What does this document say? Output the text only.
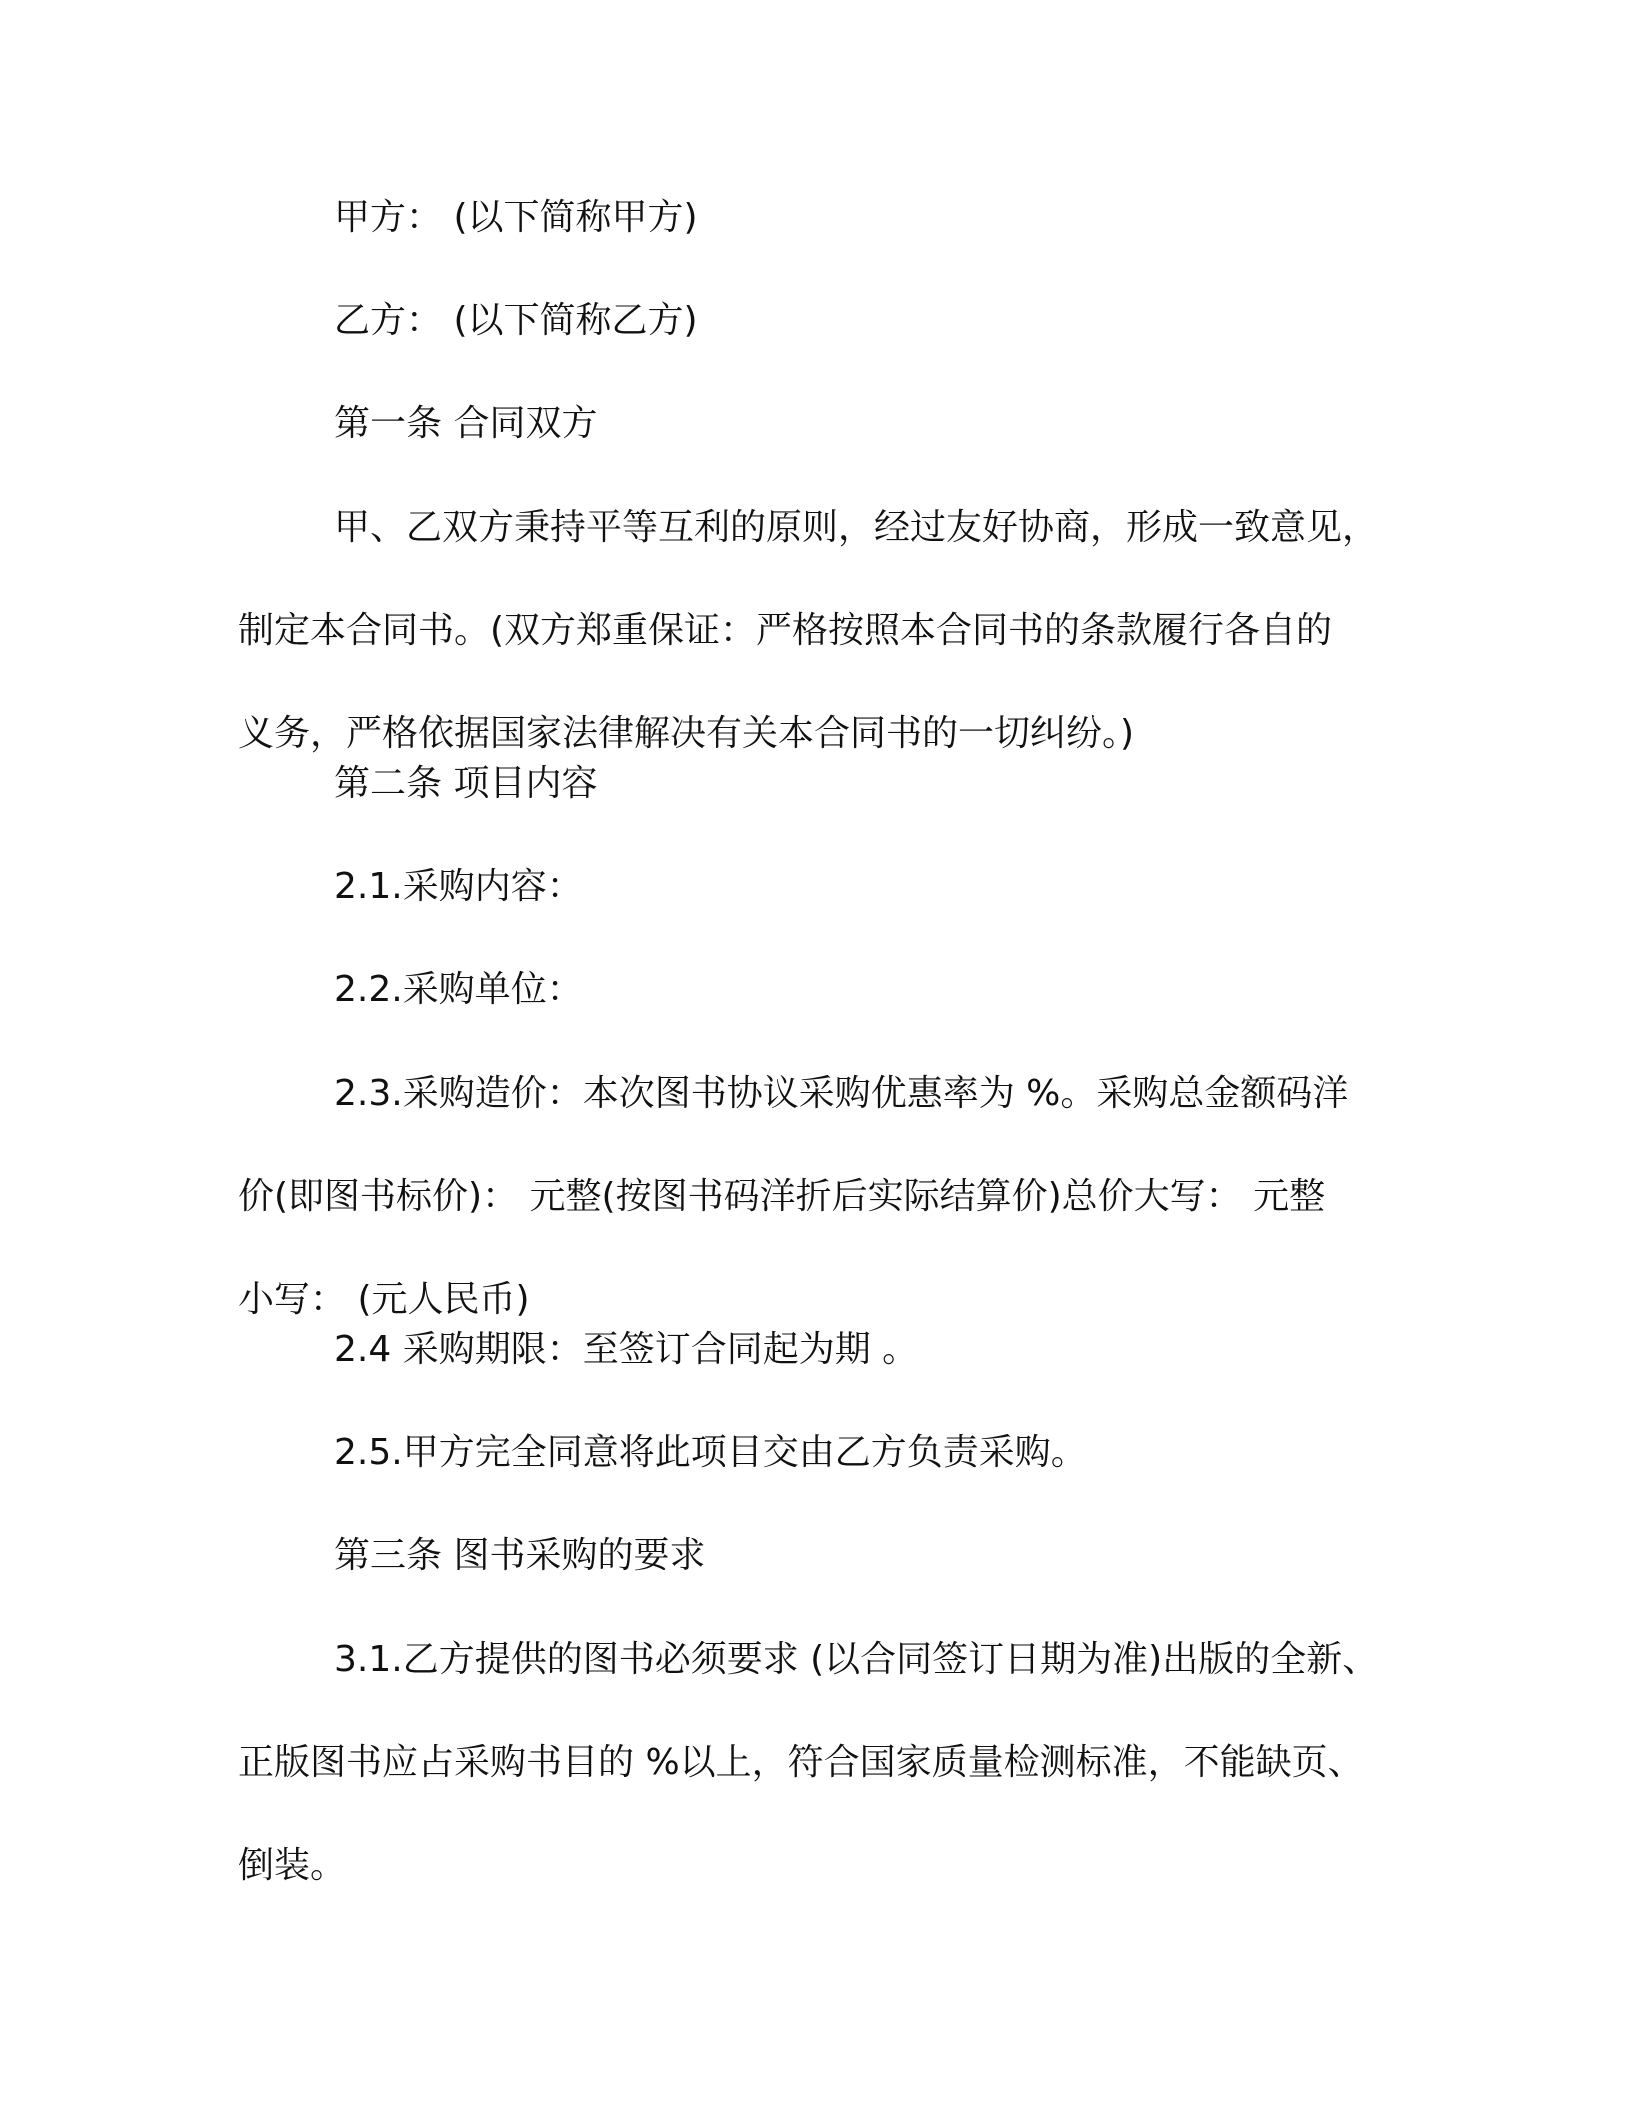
甲方： (以下简称甲方)

乙方： (以下简称乙方)

第一条 合同双方

甲、乙双方秉持平等互利的原则，经过友好协商，形成一致意见，
制定本合同书。(双方郑重保证：严格按照本合同书的条款履行各自的
义务，严格依据国家法律解决有关本合同书的一切纠纷。)

第二条 项目内容

2.1.采购内容：

2.2.采购单位：

2.3.采购造价：本次图书协议采购优惠率为 %。采购总金额码洋
价(即图书标价)： 元整(按图书码洋折后实际结算价)总价大写： 元整
小写： (元人民币)

2.4 采购期限：至签订合同起为期 。

2.5.甲方完全同意将此项目交由乙方负责采购。

第三条 图书采购的要求

3.1.乙方提供的图书必须要求 (以合同签订日期为准)出版的全新、
正版图书应占采购书目的 %以上，符合国家质量检测标准，不能缺页、
倒装。
